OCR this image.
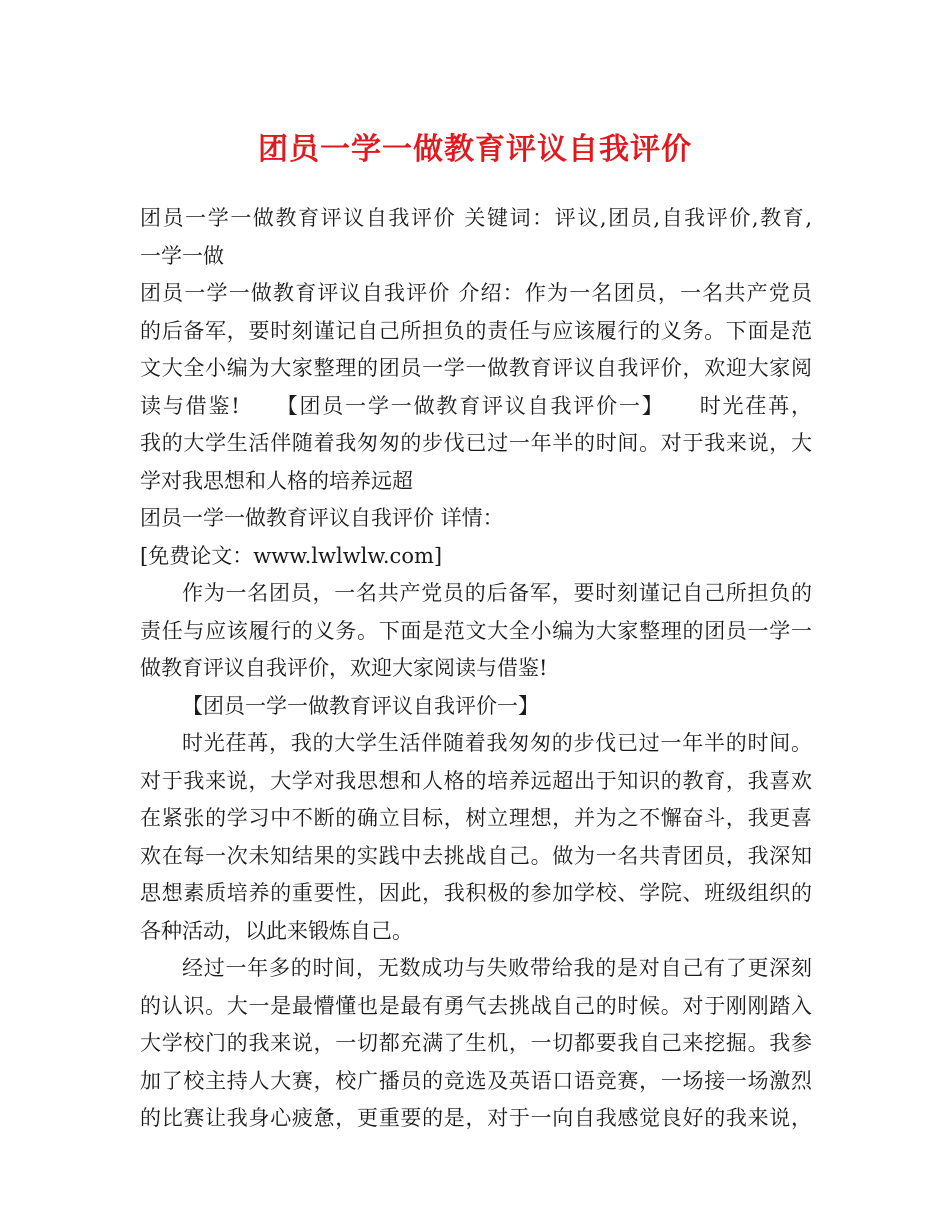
团员一学一做教育评议自我评价
团员一学一做教育评议自我评价 关键词：评议,团员,自我评价,教育,
一学一做
团员一学一做教育评议自我评价 介绍：作为一名团员，一名共产党员
的后备军，要时刻谨记自己所担负的责任与应该履行的义务。下面是范
文大全小编为大家整理的团员一学一做教育评议自我评价，欢迎大家阅
读与借鉴!　　【团员一学一做教育评议自我评价一】　　时光荏苒，
我的大学生活伴随着我匆匆的步伐已过一年半的时间。对于我来说，大
学对我思想和人格的培养远超
团员一学一做教育评议自我评价 详情：
[免费论文：www.lwlwlw.com]
作为一名团员，一名共产党员的后备军，要时刻谨记自己所担负的
责任与应该履行的义务。下面是范文大全小编为大家整理的团员一学一
做教育评议自我评价，欢迎大家阅读与借鉴!
【团员一学一做教育评议自我评价一】
时光荏苒，我的大学生活伴随着我匆匆的步伐已过一年半的时间。
对于我来说，大学对我思想和人格的培养远超出于知识的教育，我喜欢
在紧张的学习中不断的确立目标，树立理想，并为之不懈奋斗，我更喜
欢在每一次未知结果的实践中去挑战自己。做为一名共青团员，我深知
思想素质培养的重要性，因此，我积极的参加学校、学院、班级组织的
各种活动，以此来锻炼自己。
经过一年多的时间，无数成功与失败带给我的是对自己有了更深刻
的认识。大一是最懵懂也是最有勇气去挑战自己的时候。对于刚刚踏入
大学校门的我来说，一切都充满了生机，一切都要我自己来挖掘。我参
加了校主持人大赛，校广播员的竞选及英语口语竞赛，一场接一场激烈
的比赛让我身心疲惫，更重要的是，对于一向自我感觉良好的我来说，
